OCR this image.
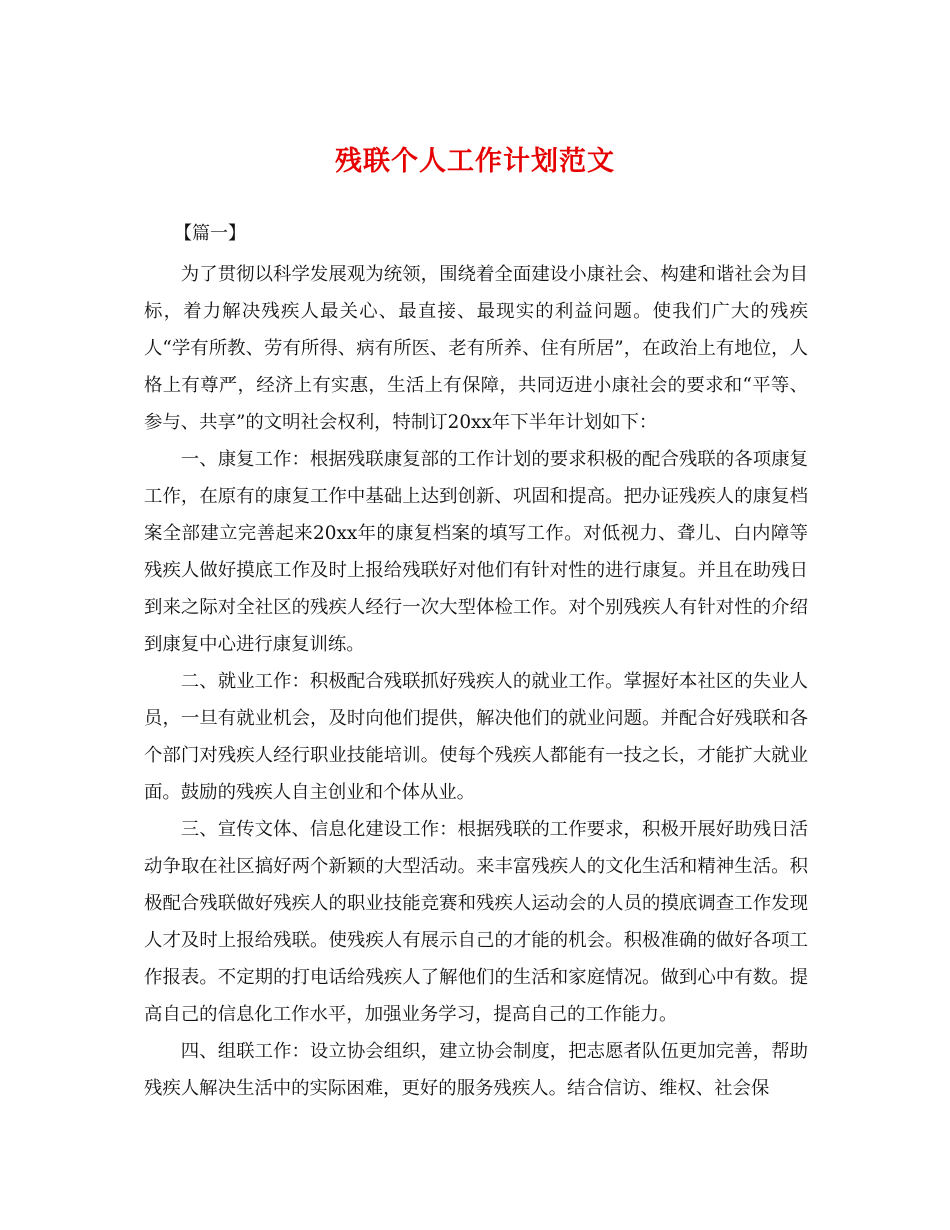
残联个人工作计划范文
【篇一】

为了贯彻以科学发展观为统领，围绕着全面建设小康社会、构建和谐社会为目标，着力解决残疾人最关心、最直接、最现实的利益问题。使我们广大的残疾人“学有所教、劳有所得、病有所医、老有所养、住有所居”，在政治上有地位，人格上有尊严，经济上有实惠，生活上有保障，共同迈进小康社会的要求和“平等、参与、共享”的文明社会权利，特制订20xx年下半年计划如下：

一、康复工作：根据残联康复部的工作计划的要求积极的配合残联的各项康复工作，在原有的康复工作中基础上达到创新、巩固和提高。把办证残疾人的康复档案全部建立完善起来20xx年的康复档案的填写工作。对低视力、聋儿、白内障等残疾人做好摸底工作及时上报给残联好对他们有针对性的进行康复。并且在助残日到来之际对全社区的残疾人经行一次大型体检工作。对个别残疾人有针对性的介绍到康复中心进行康复训练。

二、就业工作：积极配合残联抓好残疾人的就业工作。掌握好本社区的失业人员，一旦有就业机会，及时向他们提供，解决他们的就业问题。并配合好残联和各个部门对残疾人经行职业技能培训。使每个残疾人都能有一技之长，才能扩大就业面。鼓励的残疾人自主创业和个体从业。

三、宣传文体、信息化建设工作：根据残联的工作要求，积极开展好助残日活动争取在社区搞好两个新颖的大型活动。来丰富残疾人的文化生活和精神生活。积极配合残联做好残疾人的职业技能竞赛和残疾人运动会的人员的摸底调查工作发现人才及时上报给残联。使残疾人有展示自己的才能的机会。积极准确的做好各项工作报表。不定期的打电话给残疾人了解他们的生活和家庭情况。做到心中有数。提高自己的信息化工作水平，加强业务学习，提高自己的工作能力。

四、组联工作：设立协会组织，建立协会制度，把志愿者队伍更加完善，帮助残疾人解决生活中的实际困难，更好的服务残疾人。结合信访、维权、社会保
